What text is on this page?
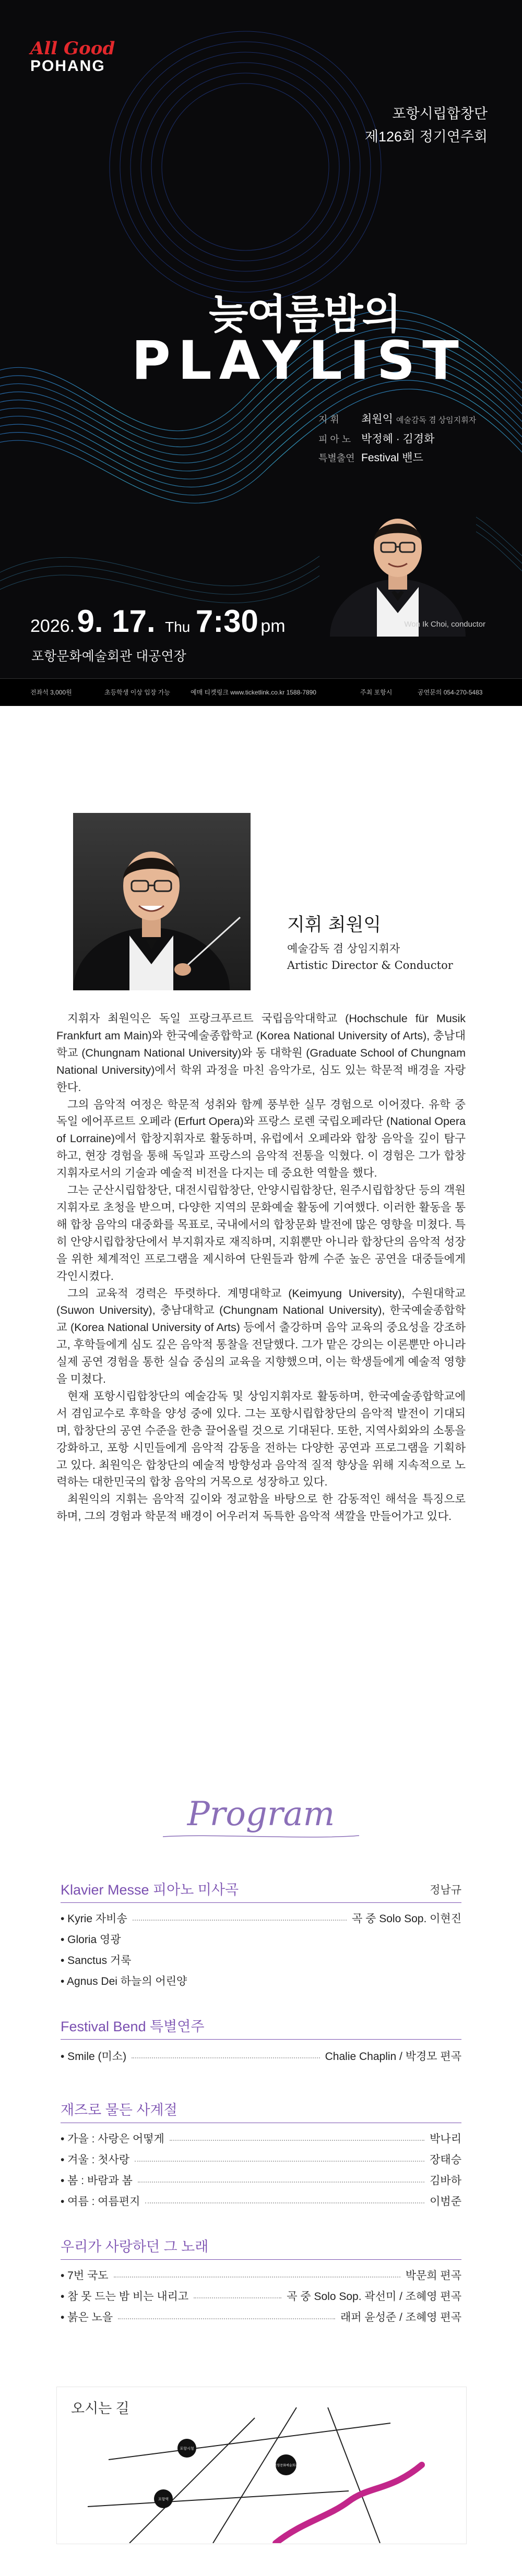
All Good
POHANG
포항시립합창단
제126회 정기연주회
늦여름밤의
PLAYLIST
지 휘 최원익 예술감독 겸 상임지휘자
피 아 노 박정혜 · 김경화
특별출연 Festival 밴드
Won Ik Choi, conductor
2026. 9. 17. Thu 7:30 pm
포항문화예술회관 대공연장
전좌석 3,000원	초등학생 이상 입장 가능	예매 티켓링크 www.ticketlink.co.kr 1588-7890	주최 포항시	공연문의 054-270-5483
지휘 최원익
예술감독 겸 상임지휘자
Artistic Director & Conductor

지휘자 최원익은 독일 프랑크푸르트 국립음악대학교 (Hochschule für Musik Frankfurt am Main)와 한국예술종합학교 (Korea National University of Arts), 충남대학교 (Chungnam National University)와 동 대학원 (Graduate School of Chungnam National University)에서 학위 과정을 마친 음악가로, 심도 있는 학문적 배경을 자랑한다.

그의 음악적 여정은 학문적 성취와 함께 풍부한 실무 경험으로 이어졌다. 유학 중 독일 에어푸르트 오페라 (Erfurt Opera)와 프랑스 로렌 국립오페라단 (National Opera of Lorraine)에서 합창지휘자로 활동하며, 유럽에서 오페라와 합창 음악을 깊이 탐구하고, 현장 경험을 통해 독일과 프랑스의 음악적 전통을 익혔다. 이 경험은 그가 합창 지휘자로서의 기술과 예술적 비전을 다지는 데 중요한 역할을 했다.

그는 군산시립합창단, 대전시립합창단, 안양시립합창단, 원주시립합창단 등의 객원지휘자로 초청을 받으며, 다양한 지역의 문화예술 활동에 기여했다. 이러한 활동을 통해 합창 음악의 대중화를 목표로, 국내에서의 합창문화 발전에 많은 영향을 미쳤다. 특히 안양시립합창단에서 부지휘자로 재직하며, 지휘뿐만 아니라 합창단의 음악적 성장을 위한 체계적인 프로그램을 제시하여 단원들과 함께 수준 높은 공연을 대중들에게 각인시켰다.

그의 교육적 경력은 뚜렷하다. 계명대학교 (Keimyung University), 수원대학교 (Suwon University), 충남대학교 (Chungnam National University), 한국예술종합학교 (Korea National University of Arts) 등에서 출강하며 음악 교육의 중요성을 강조하고, 후학들에게 심도 깊은 음악적 통찰을 전달했다. 그가 맡은 강의는 이론뿐만 아니라 실제 공연 경험을 통한 실습 중심의 교육을 지향했으며, 이는 학생들에게 예술적 영향을 미쳤다.

현재 포항시립합창단의 예술감독 및 상임지휘자로 활동하며, 한국예술종합학교에서 겸임교수로 후학을 양성 중에 있다. 그는 포항시립합창단의 음악적 발전이 기대되며, 합창단의 공연 수준을 한층 끌어올릴 것으로 기대된다. 또한, 지역사회와의 소통을 강화하고, 포항 시민들에게 음악적 감동을 전하는 다양한 공연과 프로그램을 기획하고 있다. 최원익은 합창단의 예술적 방향성과 음악적 질적 향상을 위해 지속적으로 노력하는 대한민국의 합창 음악의 거목으로 성장하고 있다.

최원익의 지휘는 음악적 깊이와 정교함을 바탕으로 한 감동적인 해석을 특징으로 하며, 그의 경험과 학문적 배경이 어우러져 독특한 음악적 색깔을 만들어가고 있다.

Program
Klavier Messe 피아노 미사곡	정남규
• Kyrie 자비송	곡 중 Solo Sop. 이현진
• Gloria 영광
• Sanctus 거룩
• Agnus Dei 하늘의 어린양
Festival Bend 특별연주
• Smile (미소)	Chalie Chaplin / 박경모 편곡
재즈로 물든 사계절
• 가을 : 사랑은 어떻게	박나리
• 겨울 : 첫사랑	장태승
• 봄 : 바람과 봄	김바하
• 여름 : 여름편지	이범준
우리가 사랑하던 그 노래
• 7번 국도	박문희 편곡
• 참 못 드는 밤 비는 내리고	곡 중 Solo Sop. 곽선미 / 조혜영 편곡
• 붉은 노을	래퍼 윤성준 / 조혜영 편곡
포항시청
포항문화예술회관
포항역
오시는 길
